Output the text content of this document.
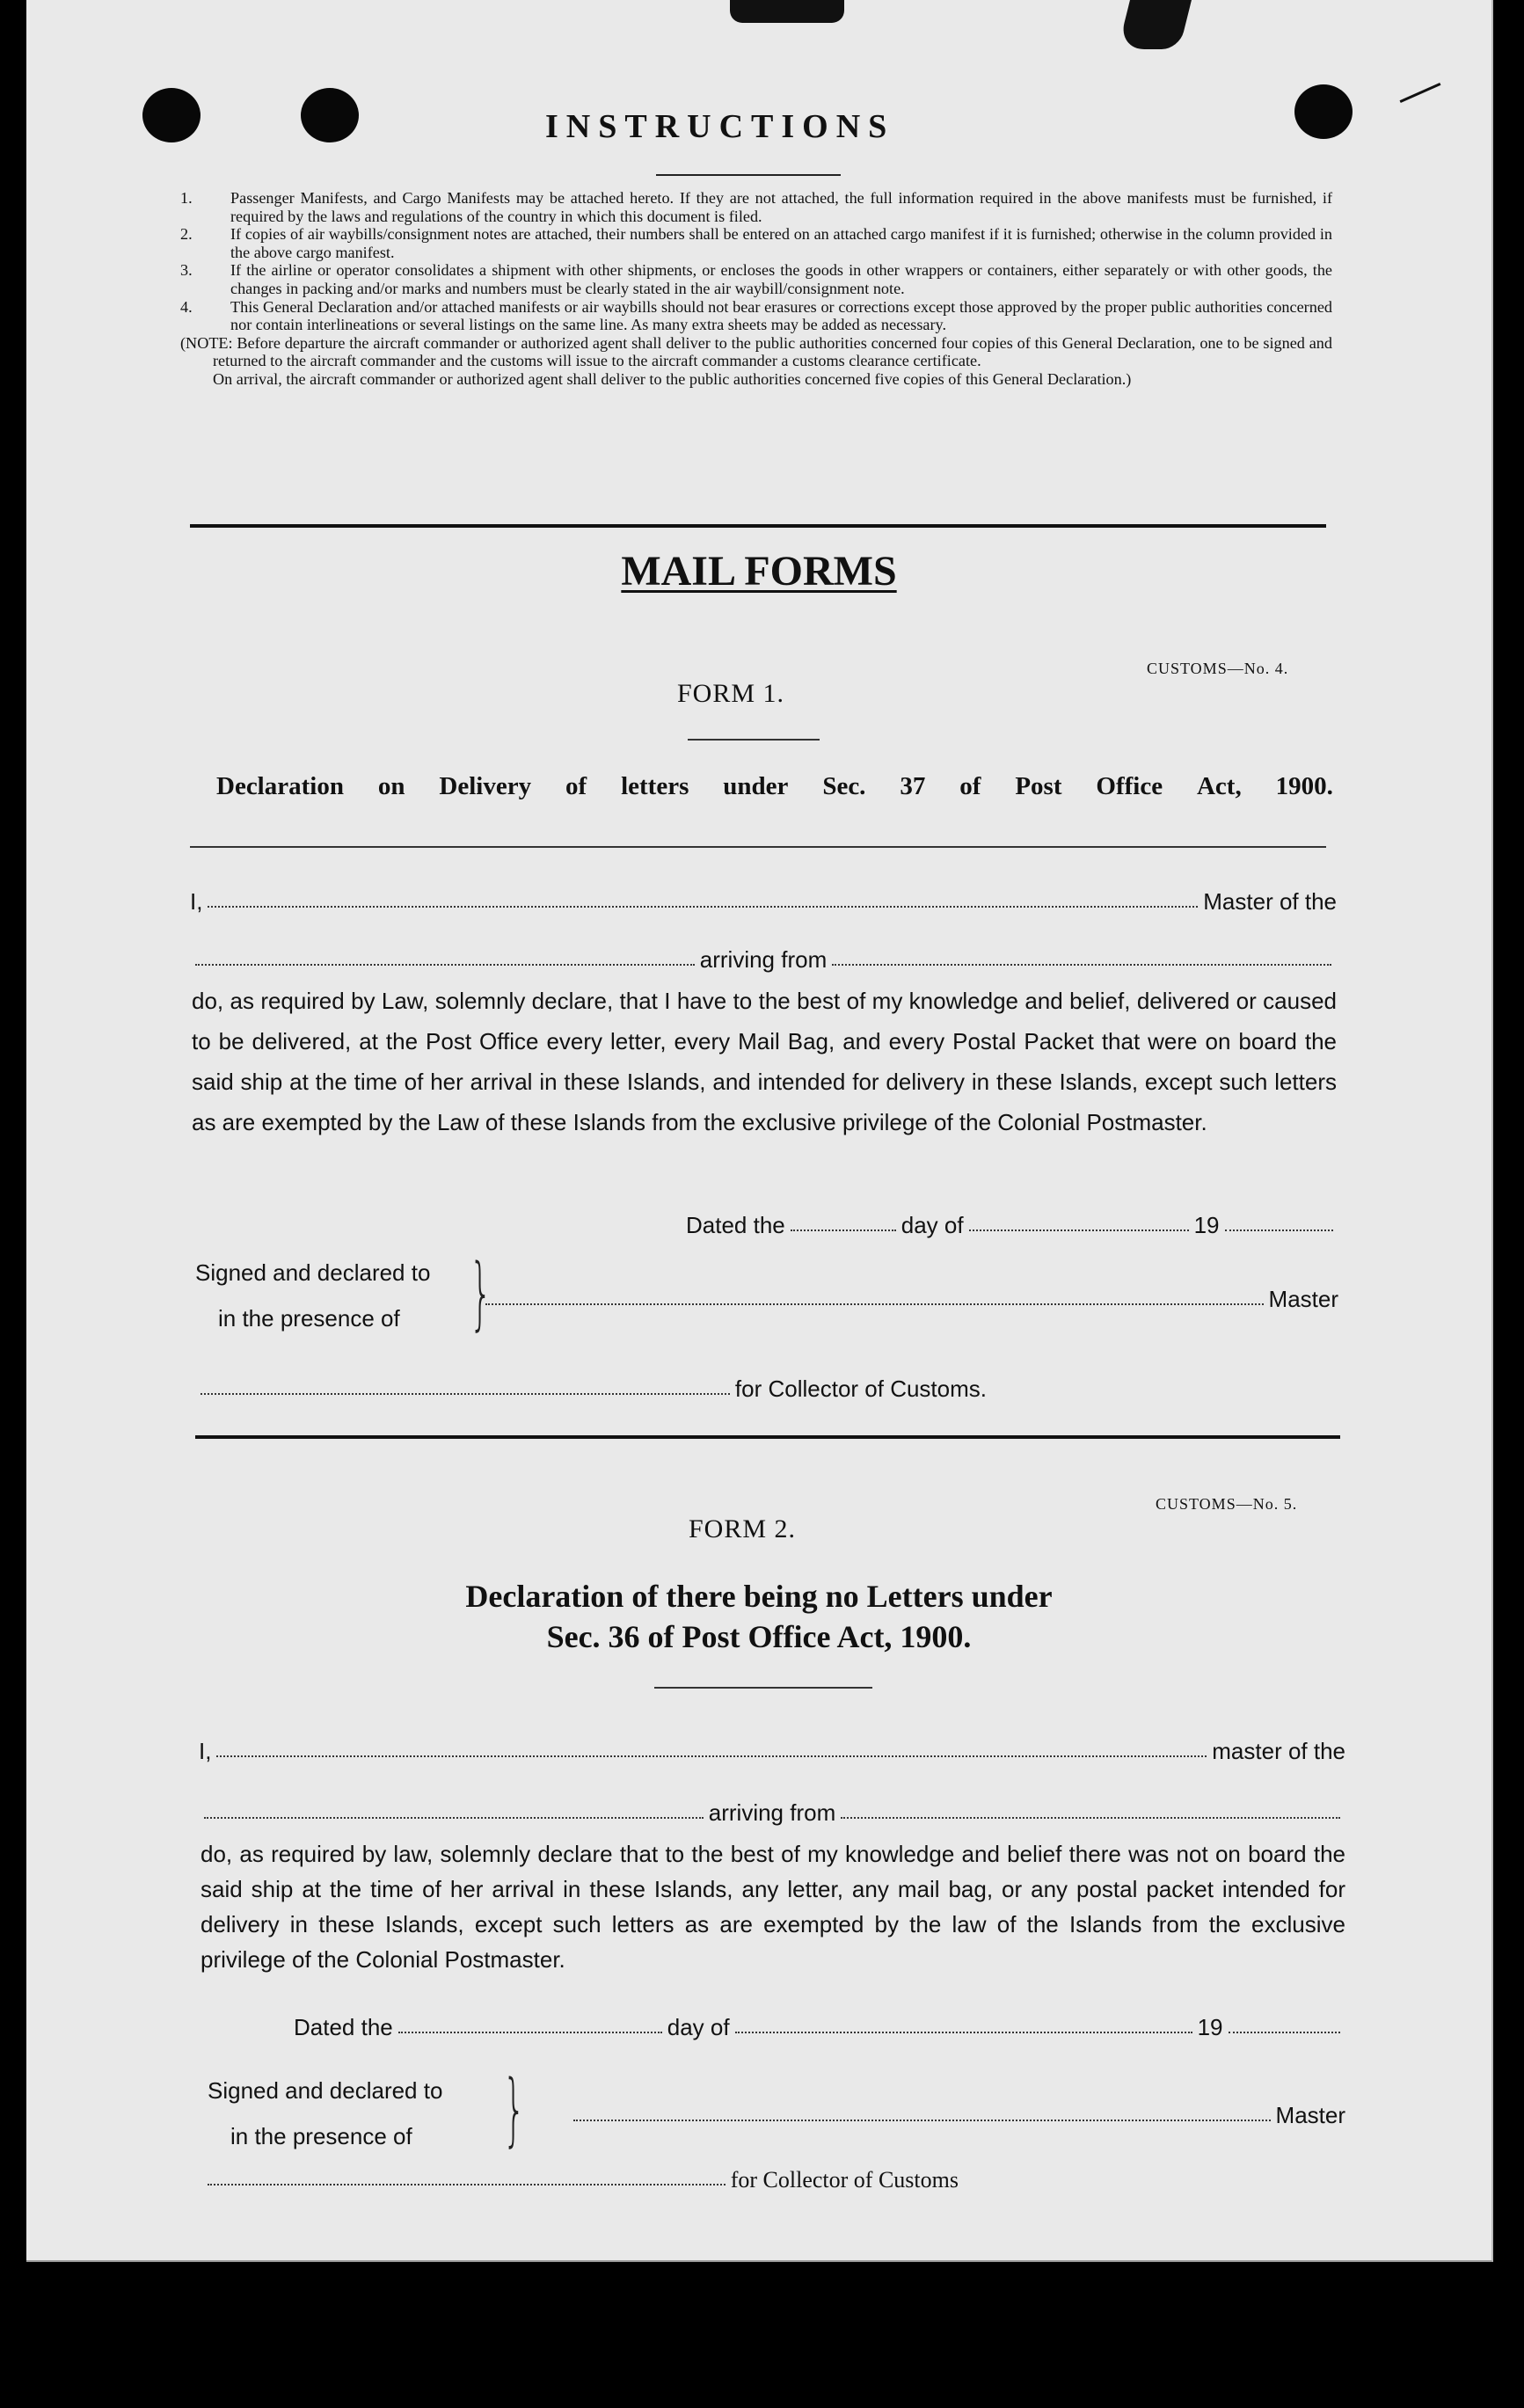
INSTRUCTIONS

1. Passenger Manifests, and Cargo Manifests may be attached hereto. If they are not attached, the full information required in the above manifests must be furnished, if required by the laws and regulations of the country in which this document is filed.

2. If copies of air waybills/consignment notes are attached, their numbers shall be entered on an attached cargo manifest if it is furnished; otherwise in the column provided in the above cargo manifest.

3. If the airline or operator consolidates a shipment with other shipments, or encloses the goods in other wrappers or containers, either separately or with other goods, the changes in packing and/or marks and numbers must be clearly stated in the air waybill/consignment note.

4. This General Declaration and/or attached manifests or air waybills should not bear erasures or corrections except those approved by the proper public authorities concerned nor contain interlineations or several listings on the same line. As many extra sheets may be added as necessary.

(NOTE: Before departure the aircraft commander or authorized agent shall deliver to the public authorities concerned four copies of this General Declaration, one to be signed and returned to the aircraft commander and the customs will issue to the aircraft commander a customs clearance certificate.

On arrival, the aircraft commander or authorized agent shall deliver to the public authorities concerned five copies of this General Declaration.)

MAIL FORMS
CUSTOMS—No. 4.
FORM 1.
Declaration on Delivery of letters under Sec. 37 of Post Office Act, 1900.
I,	Master of the
arriving from

do, as required by Law, solemnly declare, that I have to the best of my knowledge and belief, delivered or caused to be delivered, at the Post Office every letter, every Mail Bag, and every Postal Packet that were on board the said ship at the time of her arrival in these Islands, and intended for delivery in these Islands, except such letters as are exempted by the Law of these Islands from the exclusive privilege of the Colonial Postmaster.

Dated the	day of	19
Signed and declared to
in the presence of }	Master
for Collector of Customs.
CUSTOMS—No. 5.
FORM 2.
Declaration of there being no Letters under
Sec. 36 of Post Office Act, 1900.
I,	master of the
arriving from

do, as required by law, solemnly declare that to the best of my knowledge and belief there was not on board the said ship at the time of her arrival in these Islands, any letter, any mail bag, or any postal packet intended for delivery in these Islands, except such letters as are exempted by the law of the Islands from the exclusive privilege of the Colonial Postmaster.

Dated the	day of	19
Signed and declared to
in the presence of }	Master
for Collector of Customs
